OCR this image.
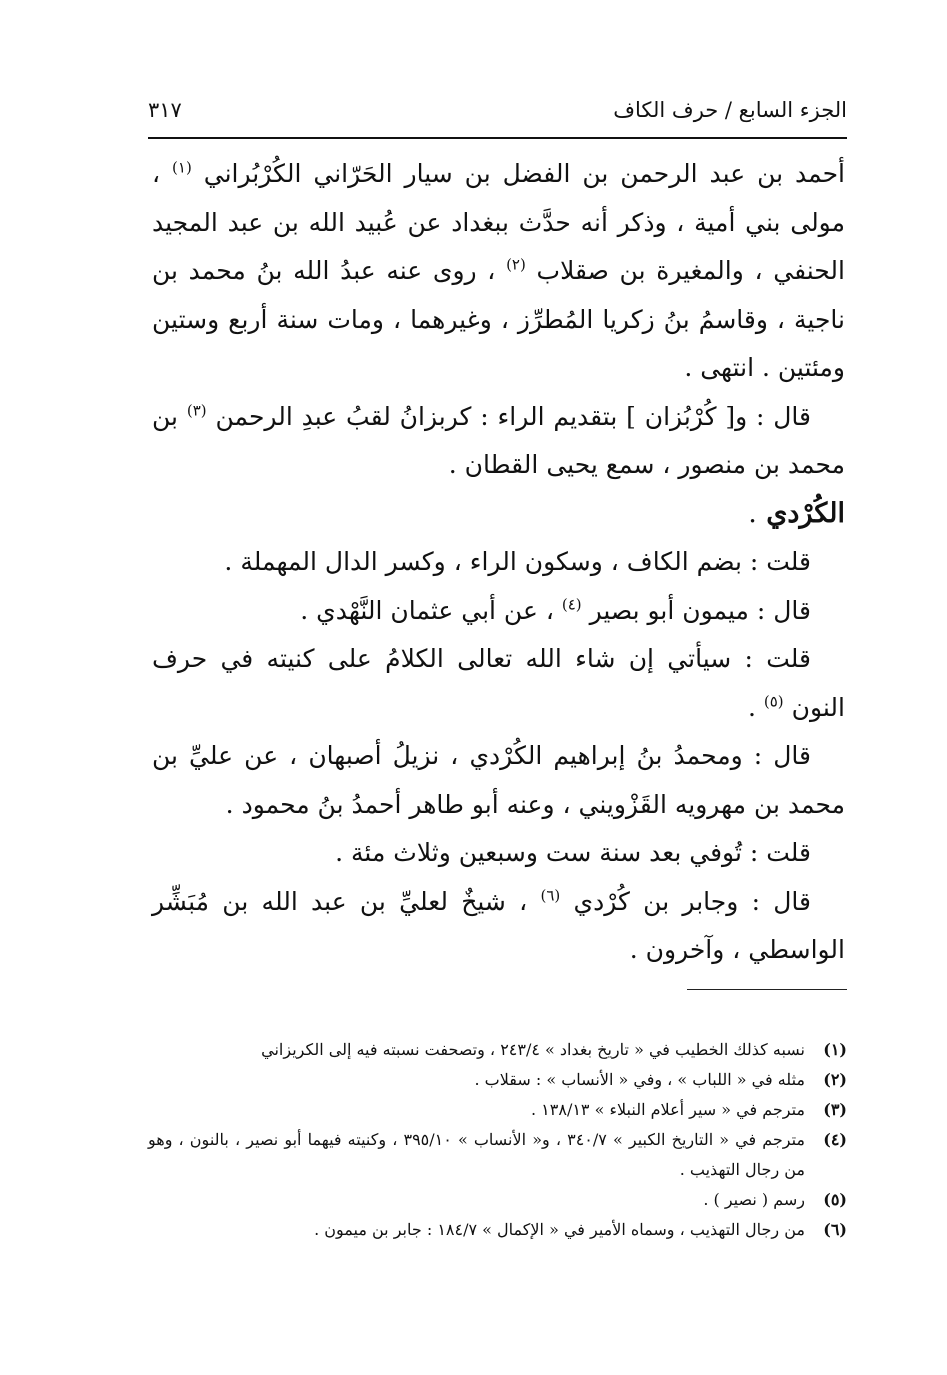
الجزء السابع / حرف الكاف
٣١٧

أحمد بن عبد الرحمن بن الفضل بن سيار الحَرّاني الكُرْبُراني $^{(١)}$ ، مولى بني أمية ، وذكر أنه حدَّث ببغداد عن عُبيد الله بن عبد المجيد الحنفي ، والمغيرة بن صقلاب $^{(٢)}$ ، روى عنه عبدُ الله بنُ محمد بن ناجية ، وقاسمُ بنُ زكريا المُطرِّز ، وغيرهما ، ومات سنة أربع وستين ومئتين . انتهى .

قال : و[ كُرْبُزان ] بتقديم الراء : كربزانُ لقبُ عبدِ الرحمن $^{(٣)}$ بن محمد بن منصور ، سمع يحيى القطان .

الكُرْدي .

قلت : بضم الكاف ، وسكون الراء ، وكسر الدال المهملة .

قال : ميمون أبو بصير $^{(٤)}$ ، عن أبي عثمان النَّهْدي .

قلت : سيأتي إن شاء الله تعالى الكلامُ على كنيته في حرف النون $^{(٥)}$ .

قال : ومحمدُ بنُ إبراهيم الكُرْدي ، نزيلُ أصبهان ، عن عليِّ بن محمد بن مهرويه القَزْويني ، وعنه أبو طاهر أحمدُ بنُ محمود .

قلت : تُوفي بعد سنة ست وسبعين وثلاث مئة .

قال : وجابر بن كُرْدي $^{(٦)}$ ، شيخٌ لعليِّ بن عبد الله بن مُبَشِّر الواسطي ، وآخرون .

(١)
نسبه كذلك الخطيب في « تاريخ بغداد » ٢٤٣/٤ ، وتصحفت نسبته فيه إلى الكريزاني
(٢)
مثله في « اللباب » ، وفي « الأنساب » : سقلاب .
(٣)
مترجم في « سير أعلام النبلاء » ١٣٨/١٣ .
(٤)
مترجم في « التاريخ الكبير » ٣٤٠/٧ ، و« الأنساب » ٣٩٥/١٠ ، وكنيته فيهما أبو نصير ، بالنون ، وهو من رجال التهذيب .
(٥)
رسم ( نصير ) .
(٦)
من رجال التهذيب ، وسماه الأمير في « الإكمال » ١٨٤/٧ : جابر بن ميمون .
